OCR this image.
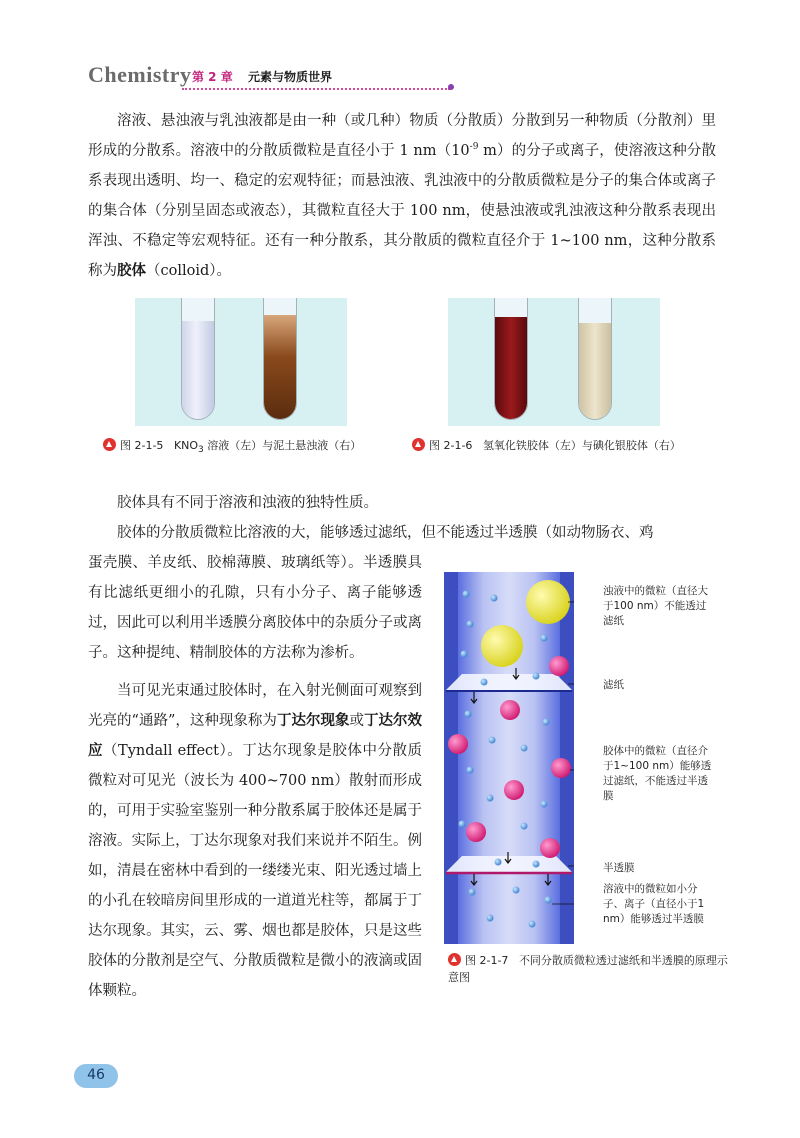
Chemistry 第 2 章 元素与物质世界

溶液、悬浊液与乳浊液都是由一种（或几种）物质（分散质）分散到另一种物质（分散剂）里形成的分散系。溶液中的分散质微粒是直径小于 1 $nm(10^{-9}$ m）的分子或离子，使溶液这种分散系表现出透明、均一、稳定的宏观特征；而悬浊液、乳浊液中的分散质微粒是分子的集合体或离子的集合体（分别呈固态或液态），其微粒直径大于 100 nm，使悬浊液或乳浊液这种分散系表现出浑浊、不稳定等宏观特征。还有一种分散系，其分散质的微粒直径介于 1~100 nm，这种分散系称为胶体（colloid）。

图 2-1-5 $KNO_3$ 溶液（左）与泥土悬浊液（右）	图 2-1-6 氢氧化铁胶体（左）与碘化银胶体（右）

胶体具有不同于溶液和浊液的独特性质。

胶体的分散质微粒比溶液的大，能够透过滤纸，但不能透过半透膜（如动物肠衣、鸡

蛋壳膜、羊皮纸、胶棉薄膜、玻璃纸等）。半透膜具有比滤纸更细小的孔隙，只有小分子、离子能够透过，因此可以利用半透膜分离胶体中的杂质分子或离子。这种提纯、精制胶体的方法称为渗析。

当可见光束通过胶体时，在入射光侧面可观察到光亮的“通路”，这种现象称为丁达尔现象或丁达尔效应（Tyndall effect）。丁达尔现象是胶体中分散质微粒对可见光（波长为 400~700 nm）散射而形成的，可用于实验室鉴别一种分散系属于胶体还是属于溶液。实际上，丁达尔现象对我们来说并不陌生。例如，清晨在密林中看到的一缕缕光束、阳光透过墙上的小孔在较暗房间里形成的一道道光柱等，都属于丁达尔现象。其实，云、雾、烟也都是胶体，只是这些胶体的分散剂是空气、分散质微粒是微小的液滴或固体颗粒。

浊液中的微粒（直径大于100 nm）不能透过滤纸
滤纸
胶体中的微粒（直径介于1~100 nm）能够透过滤纸，不能透过半透膜
半透膜
溶液中的微粒如小分子、离子（直径小于1 nm）能够透过半透膜
图 2-1-7 不同分散质微粒透过滤纸和半透膜的原理示意图
46
